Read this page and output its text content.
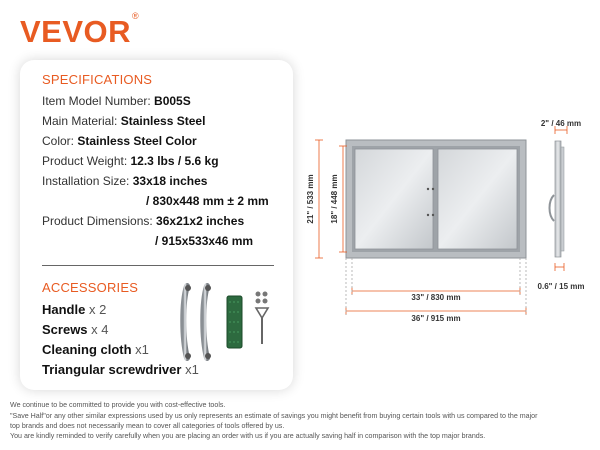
VEVOR®
SPECIFICATIONS
Item Model Number: B005S
Main Material: Stainless Steel
Color: Stainless Steel Color
Product Weight: 12.3 lbs / 5.6 kg
Installation Size: 33x18 inches
/ 830x448 mm ± 2 mm
Product Dimensions: 36x21x2 inches
/ 915x533x46 mm
ACCESSORIES
Handle x 2
Screws x 4
Cleaning cloth x1
Triangular screwdriver x1
21" / 533 mm 18" / 448 mm
33" / 830 mm
36" / 915 mm
2" / 46 mm
0.6" / 15 mm
We continue to be committed to provide you with cost-effective tools.
"Save Half"or any other similar expressions used by us only represents an estimate of savings you might benefit from buying certain tools with us compared to the major
top brands and does not necessarily mean to cover all categories of tools offered by us.
You are kindly reminded to verify carefully when you are placing an order with us if you are actually saving half in comparison with the top major brands.
